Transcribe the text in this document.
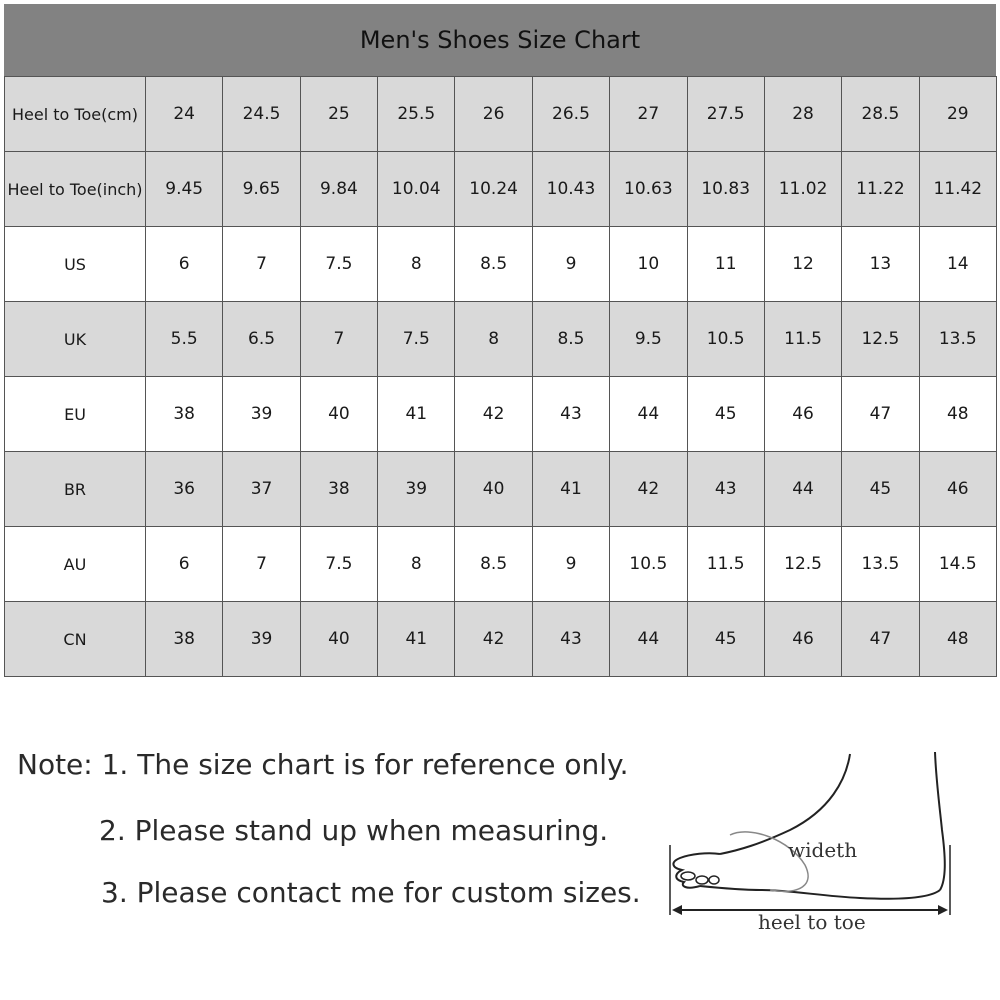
Men's Shoes Size Chart
Heel to Toe(cm)	24	24.5	25	25.5	26	26.5	27	27.5	28	28.5	29
Heel to Toe(inch)	9.45	9.65	9.84	10.04	10.24	10.43	10.63	10.83	11.02	11.22	11.42
US	6	7	7.5	8	8.5	9	10	11	12	13	14
UK	5.5	6.5	7	7.5	8	8.5	9.5	10.5	11.5	12.5	13.5
EU	38	39	40	41	42	43	44	45	46	47	48
BR	36	37	38	39	40	41	42	43	44	45	46
AU	6	7	7.5	8	8.5	9	10.5	11.5	12.5	13.5	14.5
CN	38	39	40	41	42	43	44	45	46	47	48
Note: 1. The size chart is for reference only.
2. Please stand up when measuring.
3. Please contact me for custom sizes.
wideth
heel to toe
